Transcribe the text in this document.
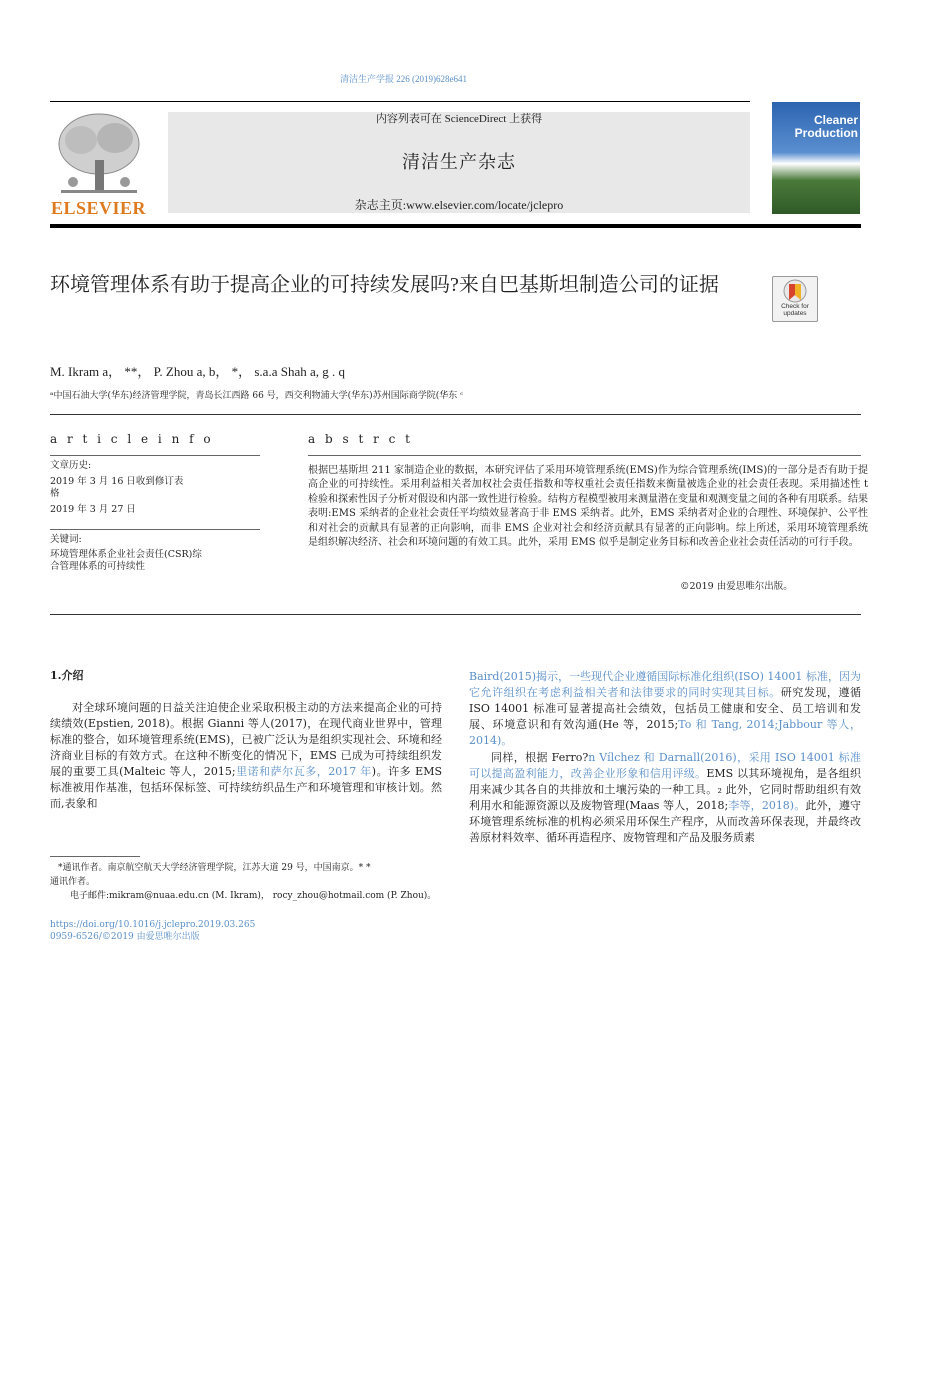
清洁生产学报 226 (2019)628e641
ELSEVIER
内容列表可在 ScienceDirect 上获得
清洁生产杂志
杂志主页:www.elsevier.com/locate/jclepro
Cleaner Production
环境管理体系有助于提高企业的可持续发展吗?来自巴基斯坦制造公司的证据
Check for updates
M. Ikram a， **， P. Zhou a, b， *， s.a.a Shah a, g . q
ᵃ中国石油大学(华东)经济管理学院，青岛长江西路 66 号，西交利物浦大学(华东)苏州国际商学院(华东 ᶜ
a r t i c l e i n f o
文章历史:
2019 年 3 月 16 日收到修订表
格
2019 年 3 月 27 日
关键词:
环境管理体系企业社会责任(CSR)综
合管理体系的可持续性
a b s t r c t
根据巴基斯坦 211 家制造企业的数据，本研究评估了采用环境管理系统(EMS)作为综合管理系统(IMS)的一部分是否有助于提高企业的可持续性。采用利益相关者加权社会责任指数和等权重社会责任指数来衡量被选企业的社会责任表现。采用描述性 t 检验和探索性因子分析对假设和内部一致性进行检验。结构方程模型被用来测量潜在变量和观测变量之间的各种有用联系。结果表明:EMS 采纳者的企业社会责任平均绩效显著高于非 EMS 采纳者。此外，EMS 采纳者对企业的合理性、环境保护、公平性和对社会的贡献具有显著的正向影响，而非 EMS 企业对社会和经济贡献具有显著的正向影响。综上所述，采用环境管理系统是组织解决经济、社会和环境问题的有效工具。此外，采用 EMS 似乎是制定业务目标和改善企业社会责任活动的可行手段。
©2019 由爱思唯尔出版。
1.介绍
对全球环境问题的日益关注迫使企业采取积极主动的方法来提高企业的可持续绩效(Epstien, 2018)。根据 Gianni 等人(2017)，在现代商业世界中，管理标准的整合，如环境管理系统(EMS)，已被广泛认为是组织实现社会、环境和经济商业目标的有效方式。在这种不断变化的情况下，EMS 已成为可持续组织发展的重要工具(Malteic 等人，2015;里诺和萨尔瓦多，2017 年)。许多 EMS 标准被用作基准，包括环保标签、可持续纺织品生产和环境管理和审核计划。然而,表象和
Baird(2015)揭示，一些现代企业遵循国际标准化组织(ISO) 14001 标准，因为它允许组织在考虑利益相关者和法律要求的同时实现其目标。研究发现，遵循 ISO 14001 标准可显著提高社会绩效，包括员工健康和安全、员工培训和发展、环境意识和有效沟通(He 等，2015;To 和 Tang, 2014;Jabbour 等人，2014)。
同样，根据 Ferro?n Vílchez 和 Darnall(2016)，采用 ISO 14001 标准可以提高盈利能力，改善企业形象和信用评级。EMS 以其环境视角，是各组织用来减少其各自的共排放和土壤污染的一种工具。₂ 此外，它同时帮助组织有效利用水和能源资源以及废物管理(Maas 等人，2018;李等，2018)。此外，遵守环境管理系统标准的机构必须采用环保生产程序，从而改善环保表现，并最终改善原材料效率、循环再造程序、废物管理和产品及服务质素
*通讯作者。南京航空航天大学经济管理学院，江苏大道 29 号，中国南京。* *
通讯作者。
电子邮件:mikram@nuaa.edu.cn (M. Ikram)， rocy_zhou@hotmail.com (P. Zhou)。
https://doi.org/10.1016/j.jclepro.2019.03.265
0959-6526/©2019 由爱思唯尔出版
